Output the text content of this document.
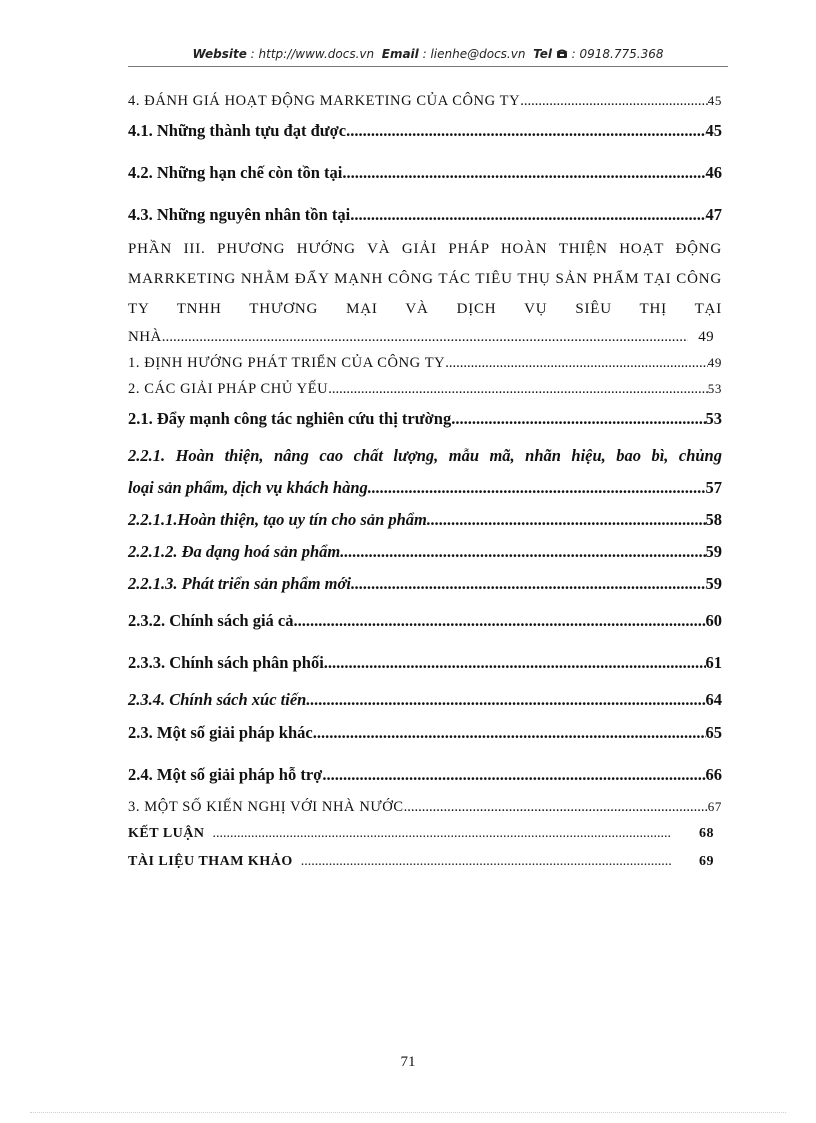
Website : http://www.docs.vn Email : lienhe@docs.vn Tel : 0918.775.368
4. ĐÁNH GIÁ HOẠT ĐỘNG MARKETING CỦA CÔNG TY .....	45
4.1. Những thành tựu đạt được .....	45
4.2. Những hạn chế còn tồn tại .....	46
4.3. Những nguyên nhân tồn tại .....	47
PHẦN III. PHƯƠNG HƯỚNG VÀ GIẢI PHÁP HOÀN THIỆN HOẠT ĐỘNG MARRKETING NHẰM ĐẨY MẠNH CÔNG TÁC TIÊU THỤ SẢN PHẨM TẠI CÔNG TY TNHH THƯƠNG MẠI VÀ DỊCH VỤ SIÊU THỊ TẠI
NHÀ .....	49
1. ĐỊNH HƯỚNG PHÁT TRIỂN CỦA CÔNG TY .....	49
2. CÁC GIẢI PHÁP CHỦ YẾU .....	53
2.1. Đẩy mạnh công tác nghiên cứu thị trường .....	53
2.2.1. Hoàn thiện, nâng cao chất lượng, mẫu mã, nhãn hiệu, bao bì, chủng
loại sản phẩm, dịch vụ khách hàng .....	57
2.2.1.1.Hoàn thiện, tạo uy tín cho sản phẩm .....	58
2.2.1.2. Đa dạng hoá sản phẩm .....	59
2.2.1.3. Phát triển sản phẩm mới .....	59
2.3.2. Chính sách giá cả .....	60
2.3.3. Chính sách phân phối .....	61
2.3.4. Chính sách xúc tiến .....	64
2.3. Một số giải pháp khác .....	65
2.4. Một số giải pháp hỗ trợ .....	66
3. MỘT SỐ KIẾN NGHỊ VỚI NHÀ NƯỚC .....	67
KẾT LUẬN .....	68
TÀI LIỆU THAM KHẢO .....	69
71
